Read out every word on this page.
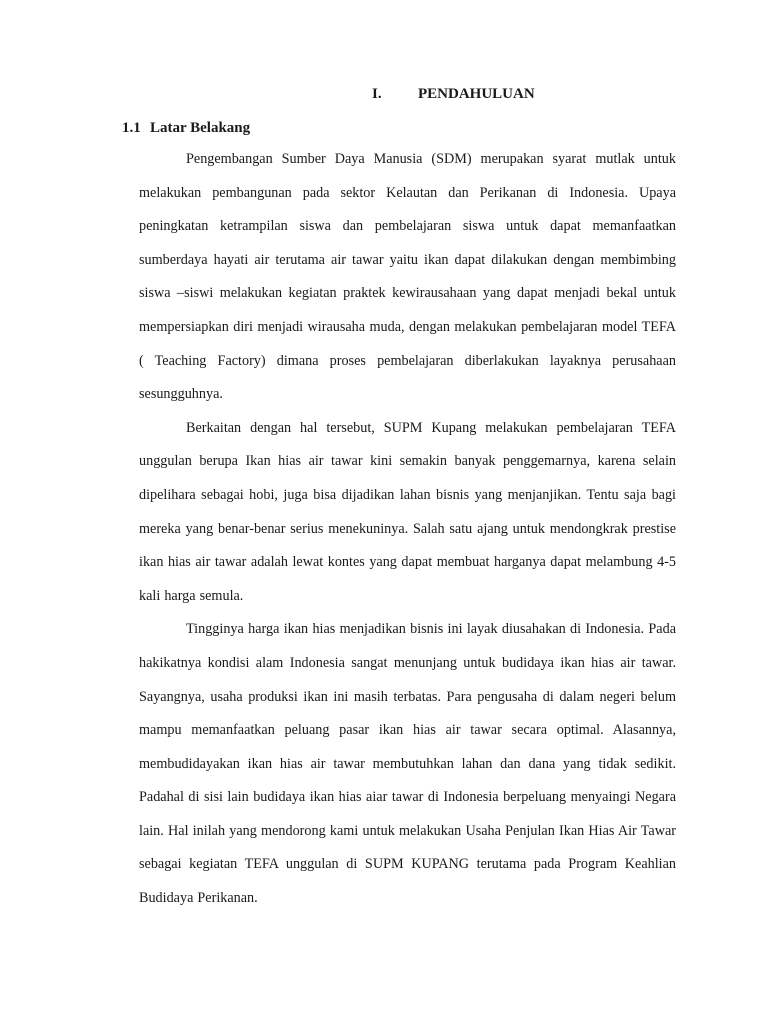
I. PENDAHULUAN
1.1 Latar Belakang

Pengembangan Sumber Daya Manusia (SDM) merupakan syarat mutlak untuk melakukan pembangunan pada sektor Kelautan dan Perikanan di Indonesia. Upaya peningkatan ketrampilan siswa dan pembelajaran siswa untuk dapat memanfaatkan sumberdaya hayati air terutama air tawar yaitu ikan dapat dilakukan dengan membimbing siswa –siswi melakukan kegiatan praktek kewirausahaan yang dapat menjadi bekal untuk mempersiapkan diri menjadi wirausaha muda, dengan melakukan pembelajaran model TEFA ( Teaching Factory) dimana proses pembelajaran diberlakukan layaknya perusahaan sesungguhnya.

Berkaitan dengan hal tersebut, SUPM Kupang melakukan pembelajaran TEFA unggulan berupa Ikan hias air tawar kini semakin banyak penggemarnya, karena selain dipelihara sebagai hobi, juga bisa dijadikan lahan bisnis yang menjanjikan. Tentu saja bagi mereka yang benar-benar serius menekuninya. Salah satu ajang untuk mendongkrak prestise ikan hias air tawar adalah lewat kontes yang dapat membuat harganya dapat melambung 4-5 kali harga semula.

Tingginya harga ikan hias menjadikan bisnis ini layak diusahakan di Indonesia. Pada hakikatnya kondisi alam Indonesia sangat menunjang untuk budidaya ikan hias air tawar. Sayangnya, usaha produksi ikan ini masih terbatas. Para pengusaha di dalam negeri belum mampu memanfaatkan peluang pasar ikan hias air tawar secara optimal. Alasannya, membudidayakan ikan hias air tawar membutuhkan lahan dan dana yang tidak sedikit. Padahal di sisi lain budidaya ikan hias aiar tawar di Indonesia berpeluang menyaingi Negara lain. Hal inilah yang mendorong kami untuk melakukan Usaha Penjulan Ikan Hias Air Tawar sebagai kegiatan TEFA unggulan di SUPM KUPANG terutama pada Program Keahlian Budidaya Perikanan.
